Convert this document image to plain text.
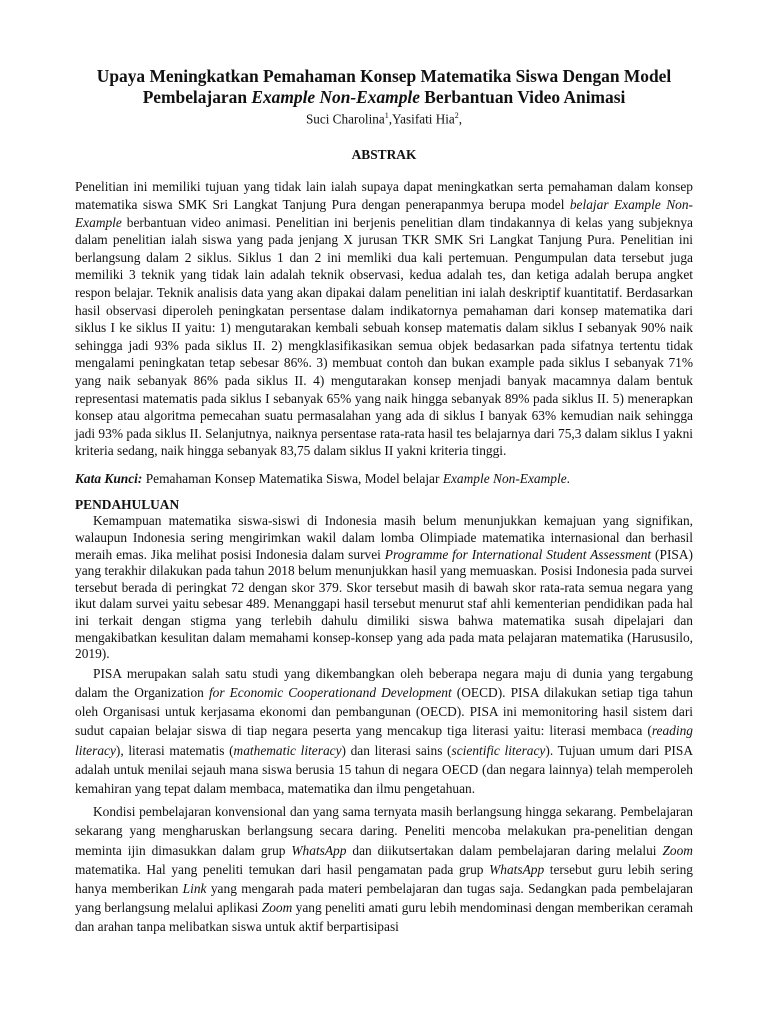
Upaya Meningkatkan Pemahaman Konsep Matematika Siswa Dengan Model
Pembelajaran Example Non-Example Berbantuan Video Animasi
Suci Charolina$^1$,Yasifati Hia$^2$,
ABSTRAK
Penelitian ini memiliki tujuan yang tidak lain ialah supaya dapat meningkatkan serta pemahaman dalam konsep matematika siswa SMK Sri Langkat Tanjung Pura dengan penerapanmya berupa model belajar Example Non-Example berbantuan video animasi. Penelitian ini berjenis penelitian dlam tindakannya di kelas yang subjeknya dalam penelitian ialah siswa yang pada jenjang X jurusan TKR SMK Sri Langkat Tanjung Pura. Penelitian ini berlangsung dalam 2 siklus. Siklus 1 dan 2 ini memliki dua kali pertemuan. Pengumpulan data tersebut juga memiliki 3 teknik yang tidak lain adalah teknik observasi, kedua adalah tes, dan ketiga adalah berupa angket respon belajar. Teknik analisis data yang akan dipakai dalam penelitian ini ialah deskriptif kuantitatif. Berdasarkan hasil observasi diperoleh peningkatan persentase dalam indikatornya pemahaman dari konsep matematika dari siklus I ke siklus II yaitu: 1) mengutarakan kembali sebuah konsep matematis dalam siklus I sebanyak 90% naik sehingga jadi 93% pada siklus II. 2) mengklasifikasikan semua objek bedasarkan pada sifatnya tertentu tidak mengalami peningkatan tetap sebesar 86%. 3) membuat contoh dan bukan example pada siklus I sebanyak 71% yang naik sebanyak 86% pada siklus II. 4) mengutarakan konsep menjadi banyak macamnya dalam bentuk representasi matematis pada siklus I sebanyak 65% yang naik hingga sebanyak 89% pada siklus II. 5) menerapkan konsep atau algoritma pemecahan suatu permasalahan yang ada di siklus I banyak 63% kemudian naik sehingga jadi 93% pada siklus II. Selanjutnya, naiknya persentase rata-rata hasil tes belajarnya dari 75,3 dalam siklus I yakni kriteria sedang, naik hingga sebanyak 83,75 dalam siklus II yakni kriteria tinggi.
Kata Kunci: Pemahaman Konsep Matematika Siswa, Model belajar Example Non-Example.
PENDAHULUAN

Kemampuan matematika siswa-siswi di Indonesia masih belum menunjukkan kemajuan yang signifikan, walaupun Indonesia sering mengirimkan wakil dalam lomba Olimpiade matematika internasional dan berhasil meraih emas. Jika melihat posisi Indonesia dalam survei Programme for International Student Assessment (PISA) yang terakhir dilakukan pada tahun 2018 belum menunjukkan hasil yang memuaskan. Posisi Indonesia pada survei tersebut berada di peringkat 72 dengan skor 379. Skor tersebut masih di bawah skor rata-rata semua negara yang ikut dalam survei yaitu sebesar 489. Menanggapi hasil tersebut menurut staf ahli kementerian pendidikan pada hal ini terkait dengan stigma yang terlebih dahulu dimiliki siswa bahwa matematika susah dipelajari dan mengakibatkan kesulitan dalam memahami konsep-konsep yang ada pada mata pelajaran matematika (Harususilo, 2019).

PISA merupakan salah satu studi yang dikembangkan oleh beberapa negara maju di dunia yang tergabung dalam the Organization for Economic Cooperationand Development (OECD). PISA dilakukan setiap tiga tahun oleh Organisasi untuk kerjasama ekonomi dan pembangunan (OECD). PISA ini memonitoring hasil sistem dari sudut capaian belajar siswa di tiap negara peserta yang mencakup tiga literasi yaitu: literasi membaca (reading literacy), literasi matematis (mathematic literacy) dan literasi sains (scientific literacy). Tujuan umum dari PISA adalah untuk menilai sejauh mana siswa berusia 15 tahun di negara OECD (dan negara lainnya) telah memperoleh kemahiran yang tepat dalam membaca, matematika dan ilmu pengetahuan.

Kondisi pembelajaran konvensional dan yang sama ternyata masih berlangsung hingga sekarang. Pembelajaran sekarang yang mengharuskan berlangsung secara daring. Peneliti mencoba melakukan pra-penelitian dengan meminta ijin dimasukkan dalam grup WhatsApp dan diikutsertakan dalam pembelajaran daring melalui Zoom matematika. Hal yang peneliti temukan dari hasil pengamatan pada grup WhatsApp tersebut guru lebih sering hanya memberikan Link yang mengarah pada materi pembelajaran dan tugas saja. Sedangkan pada pembelajaran yang berlangsung melalui aplikasi Zoom yang peneliti amati guru lebih mendominasi dengan memberikan ceramah dan arahan tanpa melibatkan siswa untuk aktif berpartisipasi
